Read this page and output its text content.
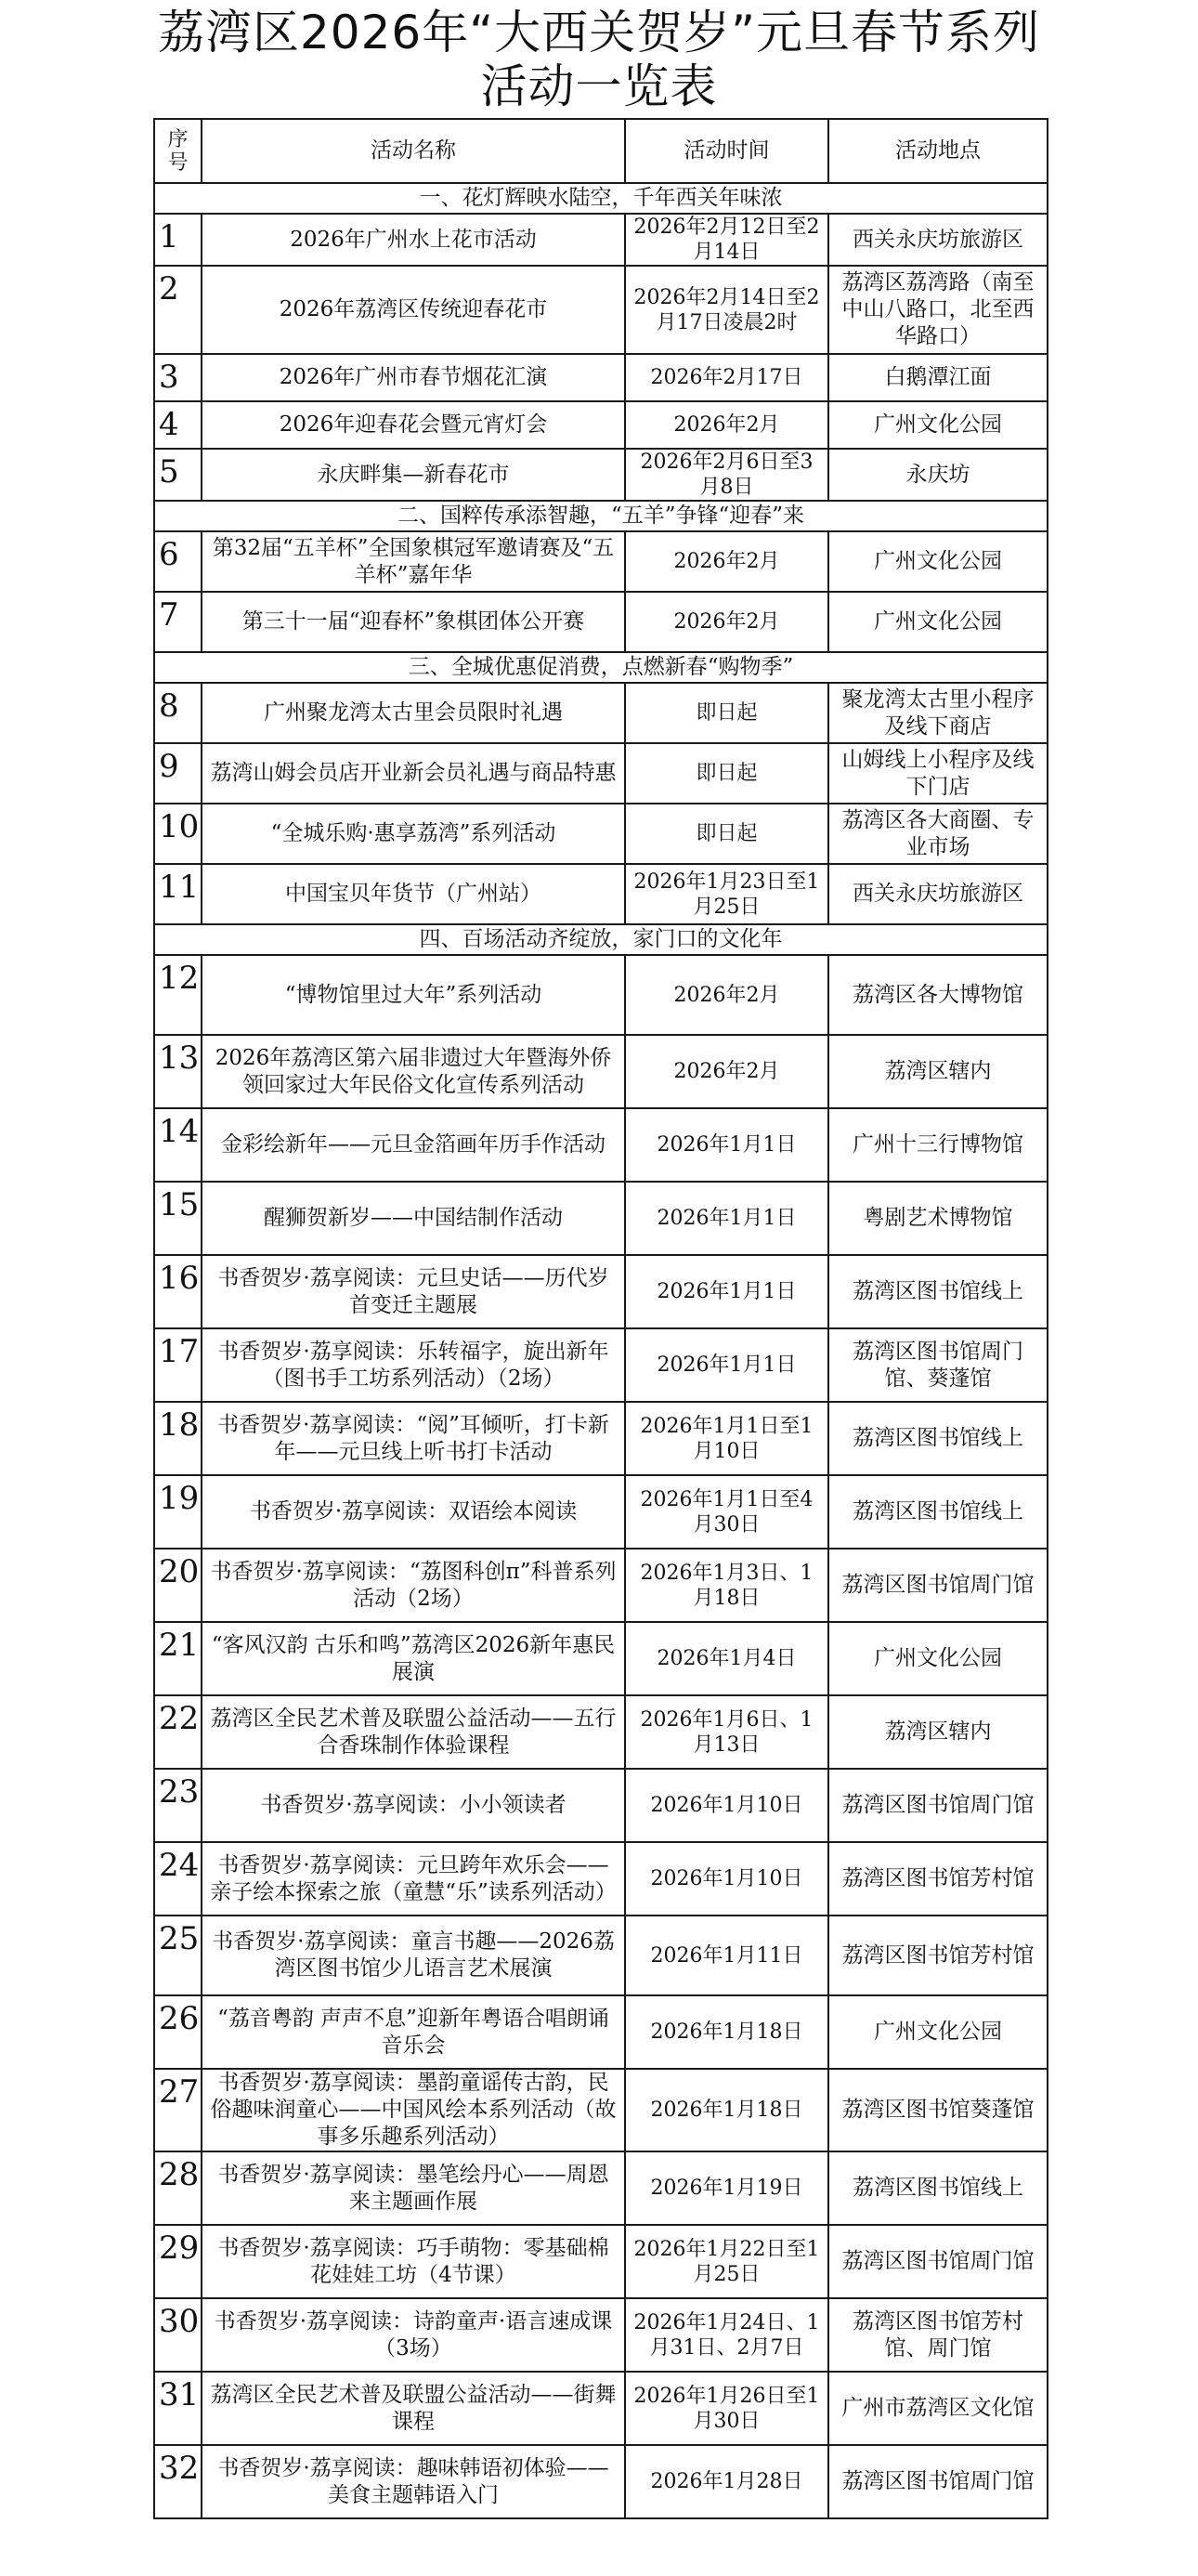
荔湾区2026年“大西关贺岁”元旦春节系列
活动一览表
序号	活动名称	活动时间	活动地点
一、花灯辉映水陆空，千年西关年味浓			
1	2026年广州水上花市活动	2026年2月12日至2月14日	西关永庆坊旅游区
2	2026年荔湾区传统迎春花市	2026年2月14日至2月17日凌晨2时	荔湾区荔湾路（南至中山八路口，北至西华路口）
3	2026年广州市春节烟花汇演	2026年2月17日	白鹅潭江面
4	2026年迎春花会暨元宵灯会	2026年2月	广州文化公园
5	永庆畔集—新春花市	2026年2月6日至3月8日	永庆坊
二、国粹传承添智趣，“五羊”争锋“迎春”来			
6	第32届“五羊杯”全国象棋冠军邀请赛及“五羊杯”嘉年华	2026年2月	广州文化公园
7	第三十一届“迎春杯”象棋团体公开赛	2026年2月	广州文化公园
三、全城优惠促消费，点燃新春“购物季”			
8	广州聚龙湾太古里会员限时礼遇	即日起	聚龙湾太古里小程序及线下商店
9	荔湾山姆会员店开业新会员礼遇与商品特惠	即日起	山姆线上小程序及线下门店
10	“全城乐购·惠享荔湾”系列活动	即日起	荔湾区各大商圈、专业市场
11	中国宝贝年货节（广州站）	2026年1月23日至1月25日	西关永庆坊旅游区
四、百场活动齐绽放，家门口的文化年			
12	“博物馆里过大年”系列活动	2026年2月	荔湾区各大博物馆
13	2026年荔湾区第六届非遗过大年暨海外侨领回家过大年民俗文化宣传系列活动	2026年2月	荔湾区辖内
14	金彩绘新年——元旦金箔画年历手作活动	2026年1月1日	广州十三行博物馆
15	醒狮贺新岁——中国结制作活动	2026年1月1日	粤剧艺术博物馆
16	书香贺岁·荔享阅读：元旦史话——历代岁首变迁主题展	2026年1月1日	荔湾区图书馆线上
17	书香贺岁·荔享阅读：乐转福字，旋出新年（图书手工坊系列活动）（2场）	2026年1月1日	荔湾区图书馆周门馆、葵蓬馆
18	书香贺岁·荔享阅读：“阅”耳倾听，打卡新年——元旦线上听书打卡活动	2026年1月1日至1月10日	荔湾区图书馆线上
19	书香贺岁·荔享阅读：双语绘本阅读	2026年1月1日至4月30日	荔湾区图书馆线上
20	书香贺岁·荔享阅读：“荔图科创π”科普系列活动（2场）	2026年1月3日、1月18日	荔湾区图书馆周门馆
21	“客风汉韵 古乐和鸣”荔湾区2026新年惠民展演	2026年1月4日	广州文化公园
22	荔湾区全民艺术普及联盟公益活动——五行合香珠制作体验课程	2026年1月6日、1月13日	荔湾区辖内
23	书香贺岁·荔享阅读：小小领读者	2026年1月10日	荔湾区图书馆周门馆
24	书香贺岁·荔享阅读：元旦跨年欢乐会——亲子绘本探索之旅（童慧“乐”读系列活动）	2026年1月10日	荔湾区图书馆芳村馆
25	书香贺岁·荔享阅读：童言书趣——2026荔湾区图书馆少儿语言艺术展演	2026年1月11日	荔湾区图书馆芳村馆
26	“荔音粤韵 声声不息”迎新年粤语合唱朗诵音乐会	2026年1月18日	广州文化公园
27	书香贺岁·荔享阅读：墨韵童谣传古韵，民俗趣味润童心——中国风绘本系列活动（故事多乐趣系列活动）	2026年1月18日	荔湾区图书馆葵蓬馆
28	书香贺岁·荔享阅读：墨笔绘丹心——周恩来主题画作展	2026年1月19日	荔湾区图书馆线上
29	书香贺岁·荔享阅读：巧手萌物：零基础棉花娃娃工坊（4节课）	2026年1月22日至1月25日	荔湾区图书馆周门馆
30	书香贺岁·荔享阅读：诗韵童声·语言速成课（3场）	2026年1月24日、1月31日、2月7日	荔湾区图书馆芳村馆、周门馆
31	荔湾区全民艺术普及联盟公益活动——街舞课程	2026年1月26日至1月30日	广州市荔湾区文化馆
32	书香贺岁·荔享阅读：趣味韩语初体验——美食主题韩语入门	2026年1月28日	荔湾区图书馆周门馆
